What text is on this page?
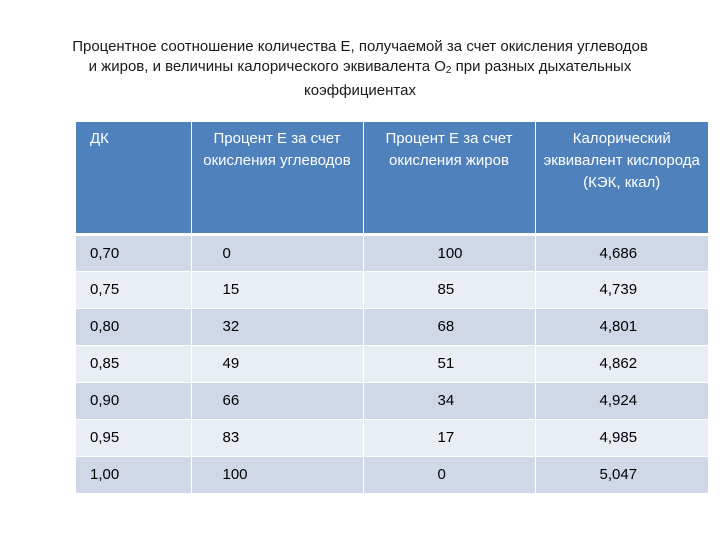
Процентное соотношение количества Е, получаемой за счет окисления углеводов
и жиров, и величины калорического эквивалента $О_2$ при разных дыхательных
коэффициентах
ДК	Процент Е за счет окисления углеводов	Процент Е за счет окисления жиров	Калорический эквивалент кислорода (КЭК, ккал)
0,70	0	100	4,686
0,75	15	85	4,739
0,80	32	68	4,801
0,85	49	51	4,862
0,90	66	34	4,924
0,95	83	17	4,985
1,00	100	0	5,047
